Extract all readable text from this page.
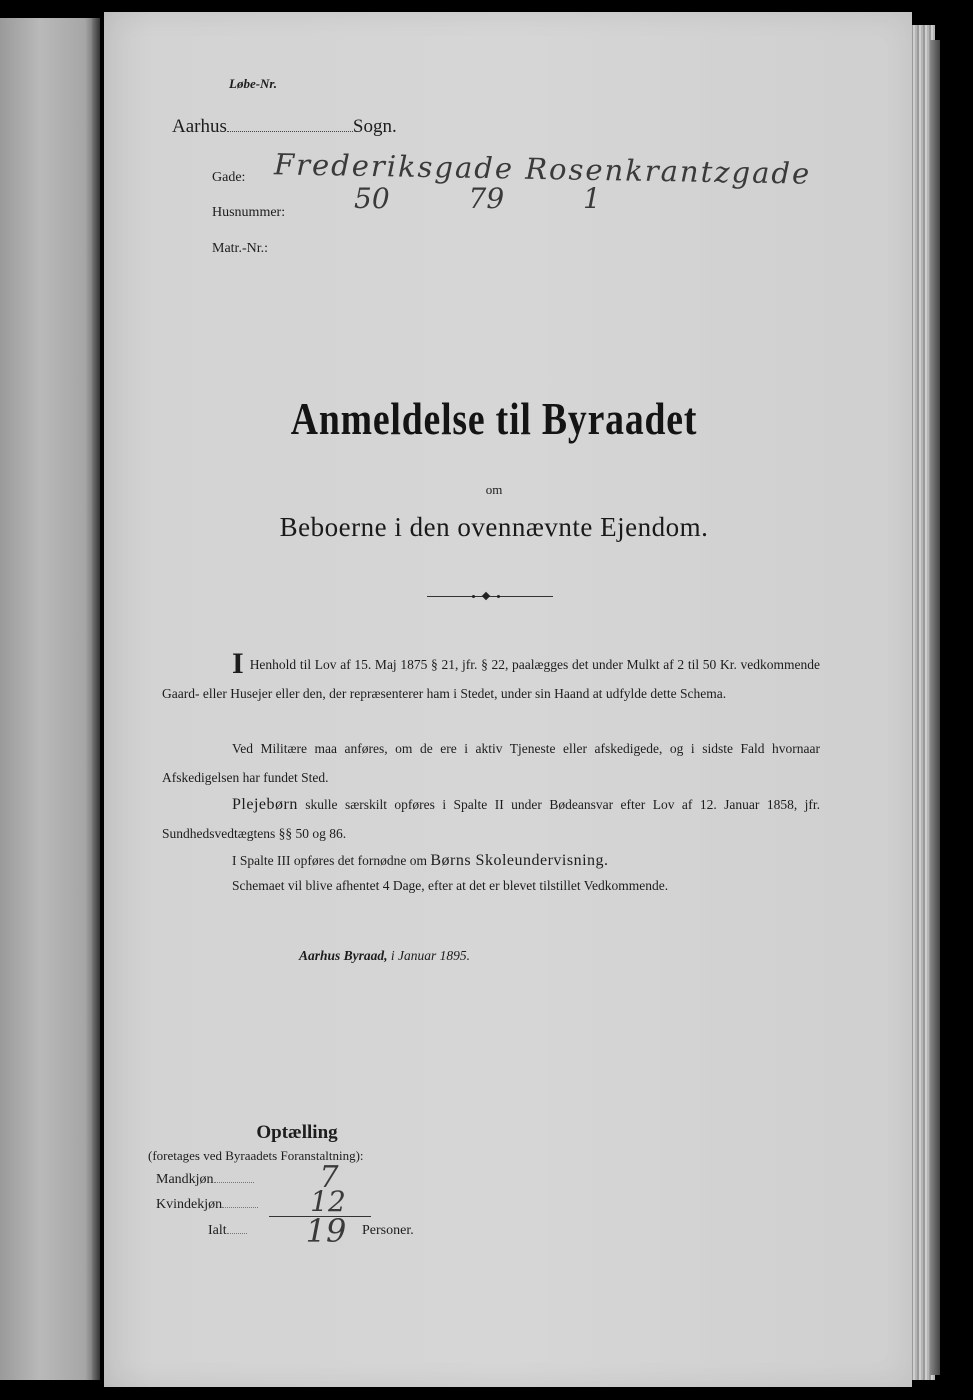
Løbe-Nr.
Aarhus	Sogn.
Gade: Frederiksgade Rosenkrantzgade
Husnummer: 50 79 1
Matr.-Nr.:
Anmeldelse til Byraadet
om
Beboerne i den ovennævnte Ejendom.
I Henhold til Lov af 15. Maj 1875 § 21, jfr. § 22, paalægges det under Mulkt af 2 til 50 Kr. vedkommende Gaard- eller Husejer eller den, der repræsenterer ham i Stedet, under sin Haand at udfylde dette Schema.
Ved Militære maa anføres, om de ere i aktiv Tjeneste eller afskedigede, og i sidste Fald hvornaar Afskedigelsen har fundet Sted.
Plejebørn skulle særskilt opføres i Spalte II under Bødeansvar efter Lov af 12. Januar 1858, jfr. Sundhedsvedtægtens §§ 50 og 86.
I Spalte III opføres det fornødne om Børns Skoleundervisning.
Schemaet vil blive afhentet 4 Dage, efter at det er blevet tilstillet Vedkommende.
Aarhus Byraad, i Januar 1895.
Optælling
(foretages ved Byraadets Foranstaltning):
Mandkjøn	7
Kvindekjøn	12
Ialt	19	Personer.
